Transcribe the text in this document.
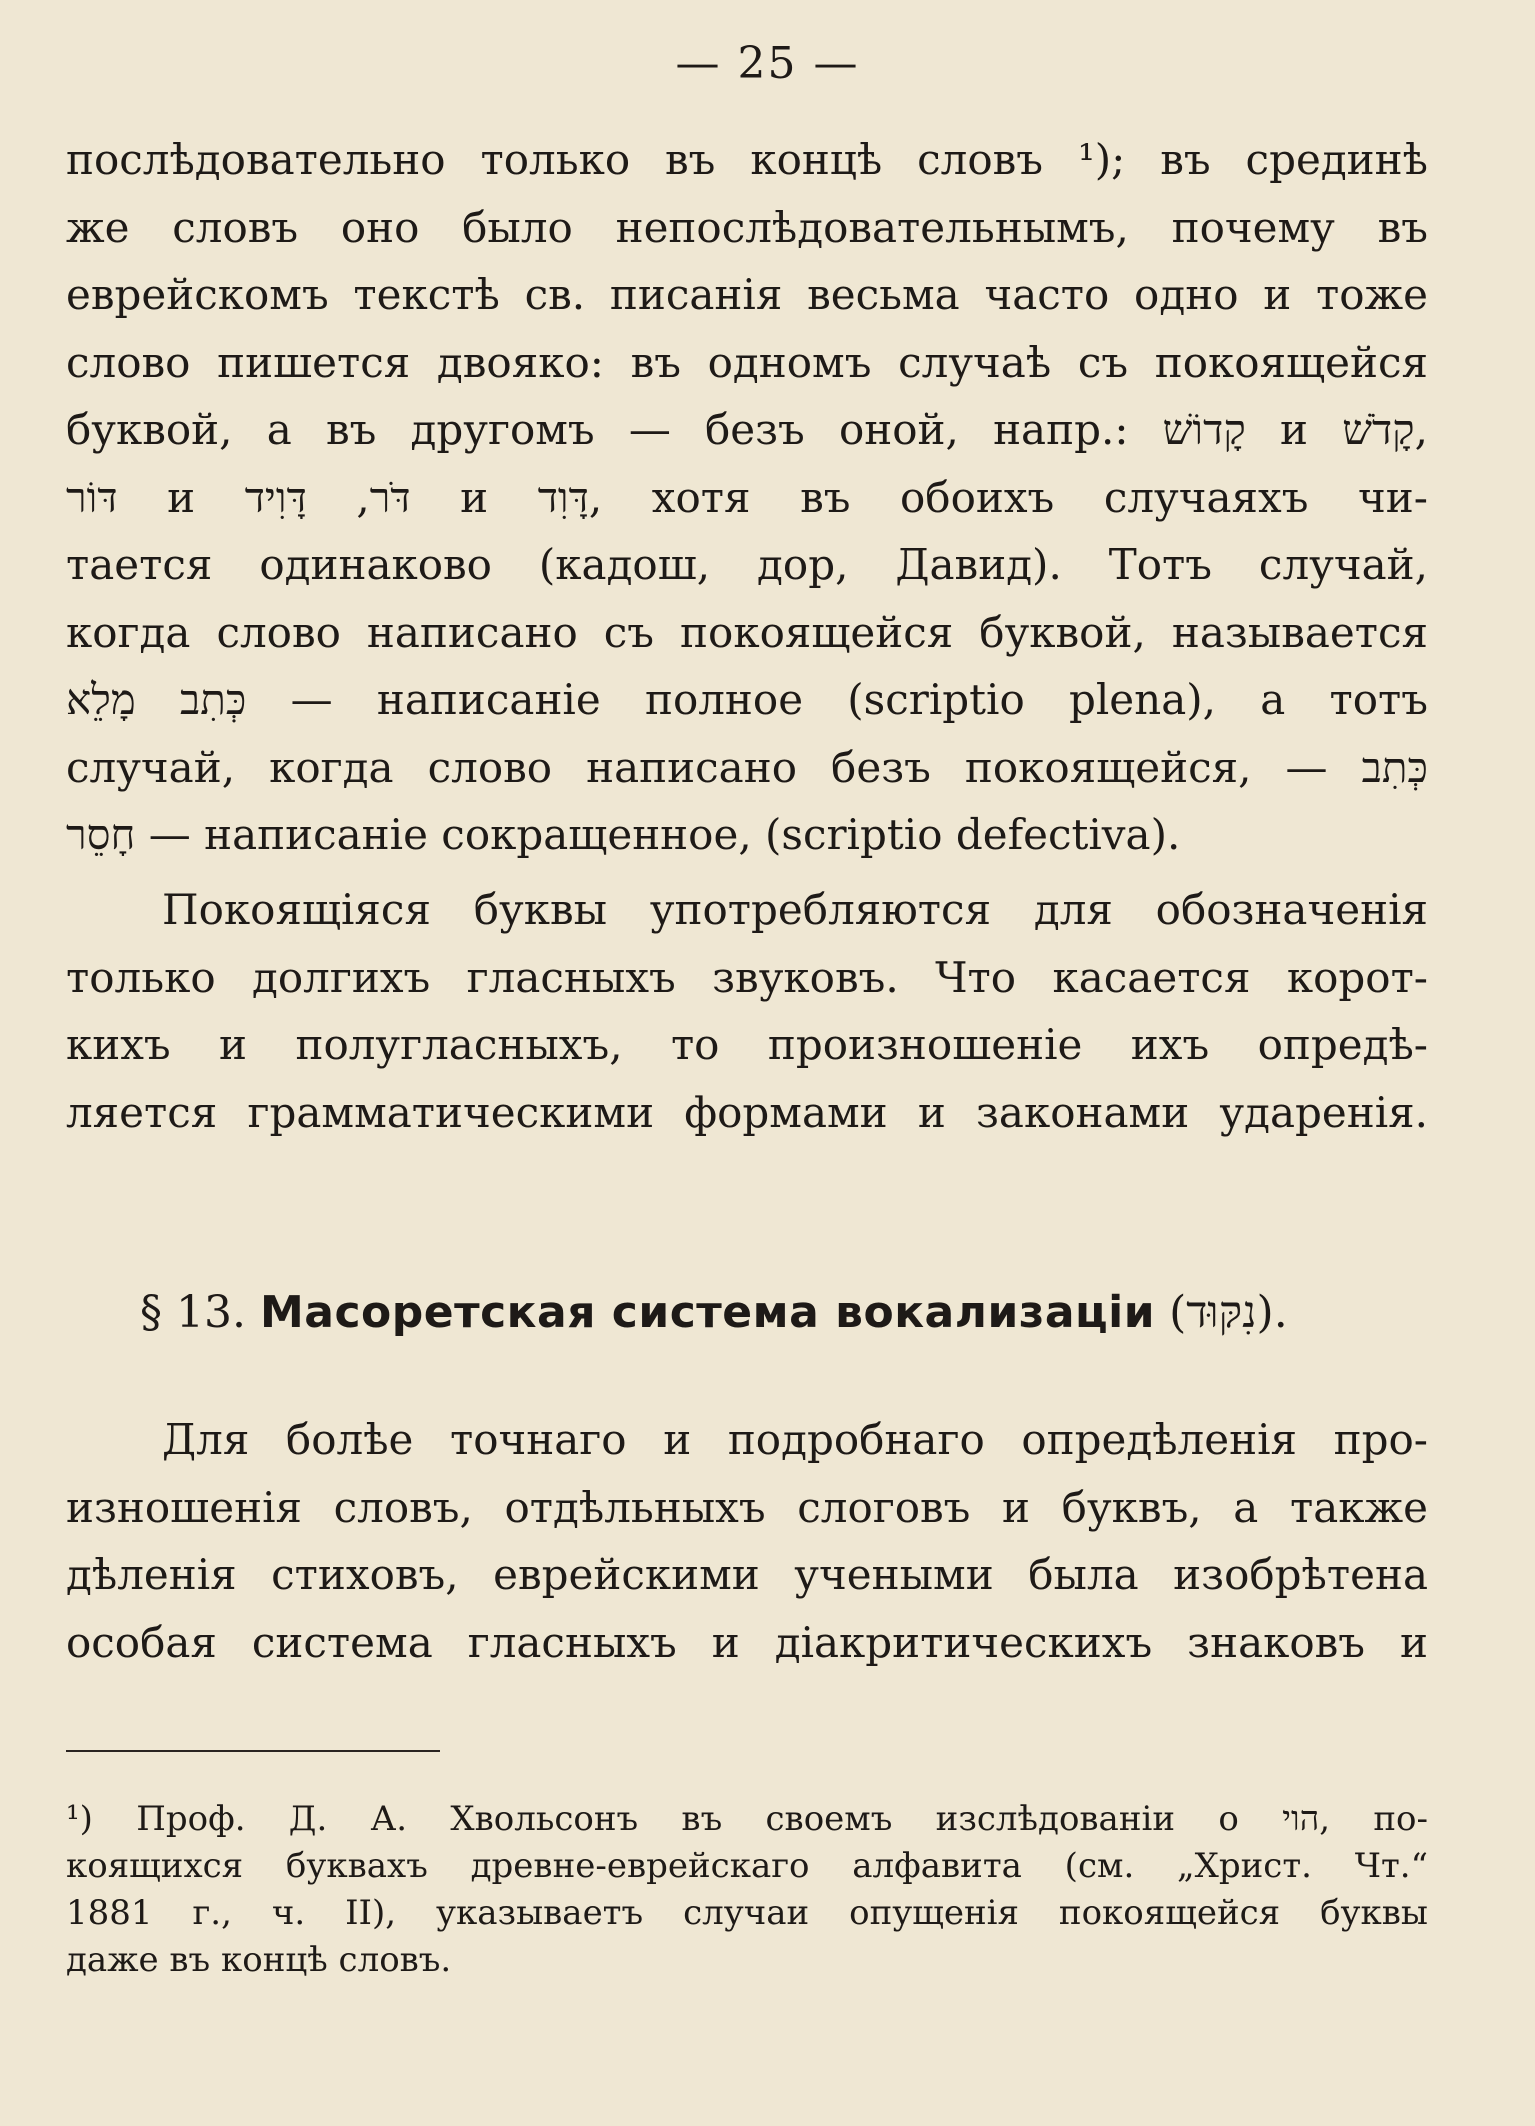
— 25 —
послѣдовательно только въ концѣ словъ ¹); въ срединѣ
же словъ оно было непослѣдовательнымъ, почему въ
еврейскомъ текстѣ св. писанія весьма часто одно и тоже
слово пишется двояко: въ одномъ случаѣ съ покоящейся
буквой, а въ другомъ — безъ оной, напр.: קָדוֹשׁ и קָדֹשׁ,
דּוֹר и דֹּר, דָּוִיד и דָּוִד, хотя въ обоихъ случаяхъ чи-
тается одинаково (кадош, дор, Давид). Тотъ случай,
когда слово написано съ покоящейся буквой, называется
כְּתִב מָלֵא — написаніе полное (scriptio plena), а тотъ
случай, когда слово написано безъ покоящейся, — כְּתִב
חָסֵר — написаніе сокращенное, (scriptio defectiva).
Покоящіяся буквы употребляются для обозначенія
только долгихъ гласныхъ звуковъ. Что касается корот-
кихъ и полугласныхъ, то произношеніе ихъ опредѣ-
ляется грамматическими формами и законами ударенія.
§ 13. Масоретская система вокализаціи (נִקּוּד).
Для болѣе точнаго и подробнаго опредѣленія про-
изношенія словъ, отдѣльныхъ слоговъ и буквъ, а также
дѣленія стиховъ, еврейскими учеными была изобрѣтена
особая система гласныхъ и діакритическихъ знаковъ и
¹) Проф. Д. А. Хвольсонъ въ своемъ изслѣдованіи о הוי, по-
коящихся буквахъ древне-еврейскаго алфавита (см. „Христ. Чт.“
1881 г., ч. II), указываетъ случаи опущенія покоящейся буквы
даже въ концѣ словъ.
